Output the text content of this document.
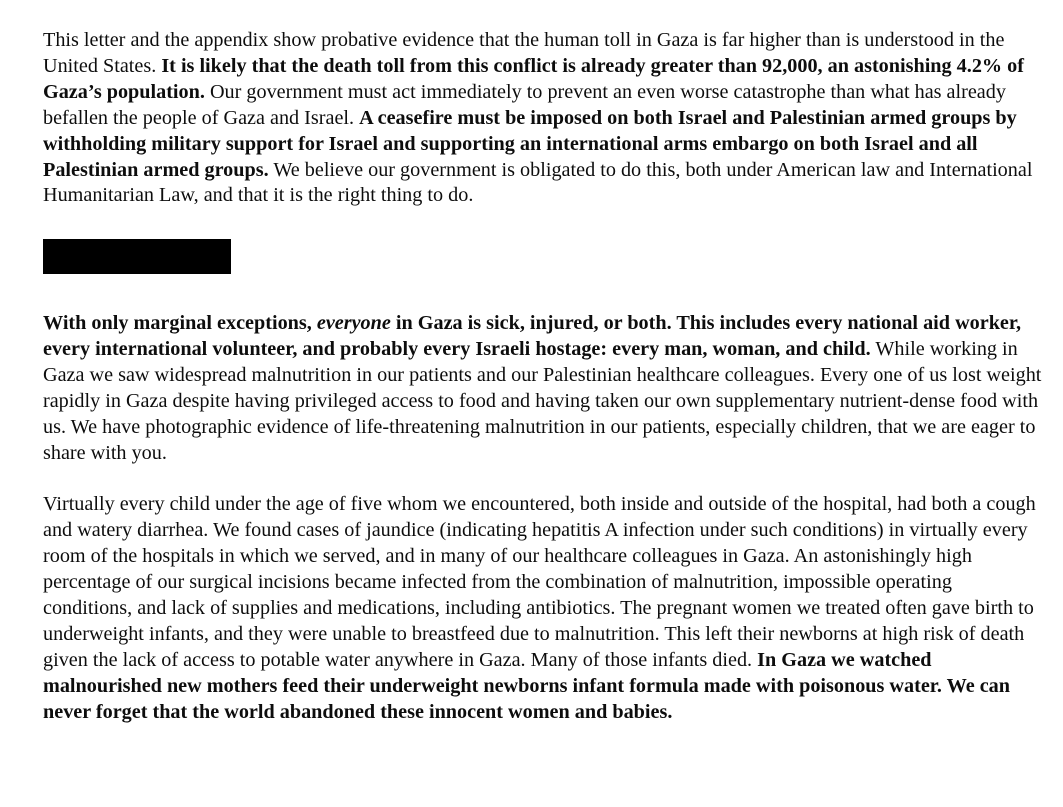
This letter and the appendix show probative evidence that the human toll in Gaza is far higher than is understood in the United States. It is likely that the death toll from this conflict is already greater than 92,000, an astonishing 4.2% of Gaza’s population. Our government must act immediately to prevent an even worse catastrophe than what has already befallen the people of Gaza and Israel. A ceasefire must be imposed on both Israel and Palestinian armed groups by withholding military support for Israel and supporting an international arms embargo on both Israel and all Palestinian armed groups. We believe our government is obligated to do this, both under American law and International Humanitarian Law, and that it is the right thing to do.

With only marginal exceptions, everyone in Gaza is sick, injured, or both. This includes every national aid worker, every international volunteer, and probably every Israeli hostage: every man, woman, and child. While working in Gaza we saw widespread malnutrition in our patients and our Palestinian healthcare colleagues. Every one of us lost weight rapidly in Gaza despite having privileged access to food and having taken our own supplementary nutrient-dense food with us. We have photographic evidence of life-threatening malnutrition in our patients, especially children, that we are eager to share with you.

Virtually every child under the age of five whom we encountered, both inside and outside of the hospital, had both a cough and watery diarrhea. We found cases of jaundice (indicating hepatitis A infection under such conditions) in virtually every room of the hospitals in which we served, and in many of our healthcare colleagues in Gaza. An astonishingly high percentage of our surgical incisions became infected from the combination of malnutrition, impossible operating conditions, and lack of supplies and medications, including antibiotics. The pregnant women we treated often gave birth to underweight infants, and they were unable to breastfeed due to malnutrition. This left their newborns at high risk of death given the lack of access to potable water anywhere in Gaza. Many of those infants died. In Gaza we watched malnourished new mothers feed their underweight newborns infant formula made with poisonous water. We can never forget that the world abandoned these innocent women and babies.
